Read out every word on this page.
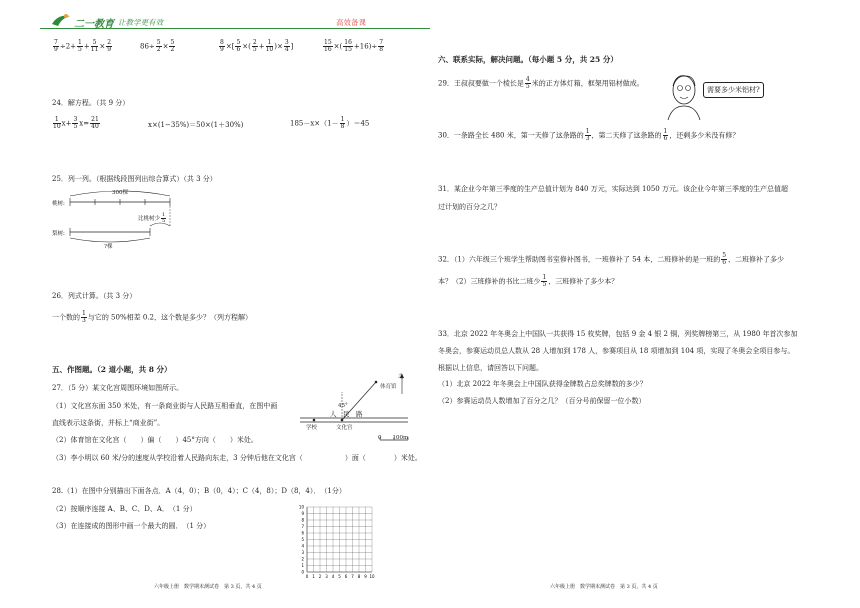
二一教育 让教学更有效	高效备课
$\frac{7}{9} \div 2+ \frac{1}{5} + \frac{5}{11} \times \frac{2}{9}$	$86\div \frac{5}{2} \times \frac{5}{2}$	$\frac{8}{9}$ ×[ $\frac{5}{6}$ ×( $\frac{2}{5} + \frac{1}{10}$ )× $\frac{3}{4}$ ]	$\frac{15}{16}$ ×( $\frac{16}{15} +16)\div \frac{7}{8}$
24．解方程。（共 9 分）
$\frac{1}{10} x+ \frac{3}{5} x= \frac{21}{40}$	x×(1−35%)＝50×(1＋30%)	$185-x\times(1- \frac{1}{8} )=45$
25．列一列。（根据线段图列出综合算式）（共 3 分）
300棵
桃树:
梨树:
比桃树少 $\frac{1}{5}$
?棵
26．列式计算。（共 3 分）
一个数的 $\frac{1}{3}$ 与它的 50%相差 0.2，这个数是多少？（列方程解）
五、作图题。（2 道小题，共 8 分）
27．（5 分）某文化宫周围环境如图所示。
（1）文化宫东面 350 米处，有一条商业街与人民路互相垂直，在图中画
直线表示这条街，并标上“商业街”。
（2）体育馆在文化宫（　　）偏（　　）45°方向（　　）米处。
（3）李小明以 60 米/分的速度从学校沿着人民路向东走，3 分钟后他在文化宫（　　　　　　）面（　　　　）米处。
北
体育馆
45°
人　民　路
学校	文化宫
0　　100m
28.（1）在图中分别描出下面各点．A（4，0）；B（0，4）；C（4，8）；D（8，4）．　（1分）
（2）按顺序连接 A、B、C、D、A．　（1 分）
（3）在连接成的图形中画一个最大的圆．　（1 分）
0 1 2 3 4 5 6 7 8 9 10
10
9
8
7
6
5
4
3
2
1
0
六年级上册　数学期末测试卷　第 3 页，共 4 页	六年级上册　数学期末测试卷　第 3 页，共 4 页
六、联系实际，解决问题。（每小题 5 分，共 25 分）
29．王叔叔要做一个棱长是 $\frac{4}{5}$ 米的正方体灯箱，框架用铝材做成。
需要多少米铝材?
30．一条路全长 480 米，第一天修了这条路的 $\frac{1}{3}$ ，第二天修了这条路的 $\frac{1}{6}$ ，还剩多少米没有修？
31．某企业今年第三季度的生产总值计划为 840 万元，实际达到 1050 万元。该企业今年第三季度的生产总值超
过计划的百分之几？
32．（1）六年级三个班学生帮助图书室修补图书，一班修补了 54 本，二班修补的是一班的 $\frac{5}{6}$ ，二班修补了多少
本？（2）三班修补的书比二班少 $\frac{1}{5}$ ，三班修补了多少本？
33．北京 2022 年冬奥会上中国队一共获得 15 枚奖牌，包括 9 金 4 银 2 铜，列奖牌榜第三，从 1980 年首次参加
冬奥会，参赛运动员总人数从 28 人增加到 178 人，参赛项目从 18 项增加到 104 项，实现了冬奥会全项目参与。
根据以上信息，请回答以下问题。
（1）北京 2022 年冬奥会上中国队获得金牌数占总奖牌数的多少？
（2）参赛运动员人数增加了百分之几？（百分号前保留一位小数）
